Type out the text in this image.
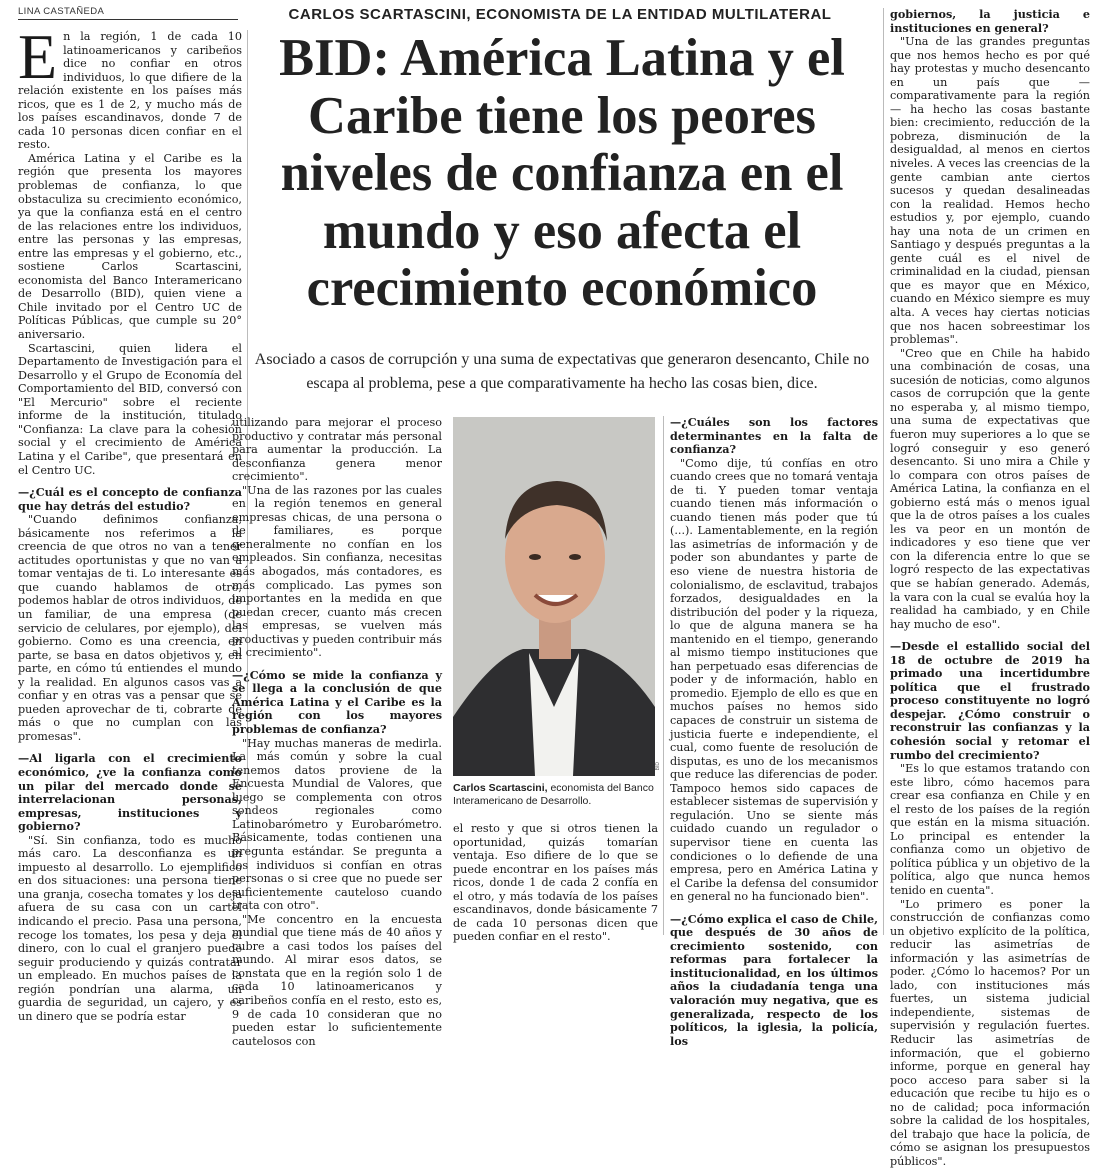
LINA CASTAÑEDA	CARLOS SCARTASCINI, ECONOMISTA DE LA ENTIDAD MULTILATERAL
BID: América Latina y el Caribe tiene los peores niveles de confianza en el mundo y eso afecta el crecimiento económico
Asociado a casos de corrupción y una suma de expectativas que generaron desencanto, Chile no escapa al problema, pese a que comparativamente ha hecho las cosas bien, dice.

En la región, 1 de cada 10 latinoamericanos y caribeños dice no confiar en otros individuos, lo que difiere de la relación existente en los países más ricos, que es 1 de 2, y mucho más de los países escandinavos, donde 7 de cada 10 personas dicen confiar en el resto.

América Latina y el Caribe es la región que presenta los mayores problemas de confianza, lo que obstaculiza su crecimiento económico, ya que la confianza está en el centro de las relaciones entre los individuos, entre las personas y las empresas, entre las empresas y el gobierno, etc., sostiene Carlos Scartascini, economista del Banco Interamericano de Desarrollo (BID), quien viene a Chile invitado por el Centro UC de Políticas Públicas, que cumple su 20° aniversario.

Scartascini, quien lidera el Departamento de Investigación para el Desarrollo y el Grupo de Economía del Comportamiento del BID, conversó con "El Mercurio" sobre el reciente informe de la institución, titulado "Confianza: La clave para la cohesión social y el crecimiento de América Latina y el Caribe", que presentará en el Centro UC.

—¿Cuál es el concepto de confianza que hay detrás del estudio?

"Cuando definimos confianza, básicamente nos referimos a la creencia de que otros no van a tener actitudes oportunistas y que no van a tomar ventajas de ti. Lo interesante es que cuando hablamos de otro, podemos hablar de otros individuos, de un familiar, de una empresa (de servicio de celulares, por ejemplo), del gobierno. Como es una creencia, en parte, se basa en datos objetivos y, en parte, en cómo tú entiendes el mundo y la realidad. En algunos casos vas a confiar y en otras vas a pensar que se pueden aprovechar de ti, cobrarte de más o que no cumplan con las promesas".

—Al ligarla con el crecimiento económico, ¿ve la confianza como un pilar del mercado donde se interrelacionan personas, empresas, instituciones y gobierno?

"Sí. Sin confianza, todo es mucho más caro. La desconfianza es un impuesto al desarrollo. Lo ejemplifico en dos situaciones: una persona tiene una granja, cosecha tomates y los deja afuera de su casa con un cartel indicando el precio. Pasa una persona, recoge los tomates, los pesa y deja el dinero, con lo cual el granjero puede seguir produciendo y quizás contratar un empleado. En muchos países de la región pondrían una alarma, un guardia de seguridad, un cajero, y es un dinero que se podría estar

utilizando para mejorar el proceso productivo y contratar más personal para aumentar la producción. La desconfianza genera menor crecimiento".

"Una de las razones por las cuales en la región tenemos en general empresas chicas, de una persona o de familiares, es porque generalmente no confían en los empleados. Sin confianza, necesitas más abogados, más contadores, es más complicado. Las pymes son importantes en la medida en que puedan crecer, cuanto más crecen las empresas, se vuelven más productivas y pueden contribuir más al crecimiento".

—¿Cómo se mide la confianza y se llega a la conclusión de que América Latina y el Caribe es la región con los mayores problemas de confianza?

"Hay muchas maneras de medirla. La más común y sobre la cual tenemos datos proviene de la Encuesta Mundial de Valores, que luego se complementa con otros sondeos regionales como Latinobarómetro y Eurobarómetro. Básicamente, todas contienen una pregunta estándar. Se pregunta a los individuos si confían en otras personas o si cree que no puede ser suficientemente cauteloso cuando trata con otro".

"Me concentro en la encuesta mundial que tiene más de 40 años y cubre a casi todos los países del mundo. Al mirar esos datos, se constata que en la región solo 1 de cada 10 latinoamericanos y caribeños confía en el resto, esto es, 9 de cada 10 consideran que no pueden estar lo suficientemente cautelosos con

BID
Carlos Scartascini, economista del Banco Interamericano de Desarrollo.

el resto y que si otros tienen la oportunidad, quizás tomarían ventaja. Eso difiere de lo que se puede encontrar en los países más ricos, donde 1 de cada 2 confía en el otro, y más todavía de los países escandinavos, donde básicamente 7 de cada 10 personas dicen que pueden confiar en el resto".

—¿Cuáles son los factores determinantes en la falta de confianza?

"Como dije, tú confías en otro cuando crees que no tomará ventaja de ti. Y pueden tomar ventaja cuando tienen más información o cuando tienen más poder que tú (...). Lamentablemente, en la región las asimetrías de información y de poder son abundantes y parte de eso viene de nuestra historia de colonialismo, de esclavitud, trabajos forzados, desigualdades en la distribución del poder y la riqueza, lo que de alguna manera se ha mantenido en el tiempo, generando al mismo tiempo instituciones que han perpetuado esas diferencias de poder y de información, hablo en promedio. Ejemplo de ello es que en muchos países no hemos sido capaces de construir un sistema de justicia fuerte e independiente, el cual, como fuente de resolución de disputas, es uno de los mecanismos que reduce las diferencias de poder. Tampoco hemos sido capaces de establecer sistemas de supervisión y regulación. Uno se siente más cuidado cuando un regulador o supervisor tiene en cuenta las condiciones o lo defiende de una empresa, pero en América Latina y el Caribe la defensa del consumidor en general no ha funcionado bien".

—¿Cómo explica el caso de Chile, que después de 30 años de crecimiento sostenido, con reformas para fortalecer la institucionalidad, en los últimos años la ciudadanía tenga una valoración muy negativa, que es generalizada, respecto de los políticos, la iglesia, la policía, los

gobiernos, la justicia e instituciones en general?

"Una de las grandes preguntas que nos hemos hecho es por qué hay protestas y mucho desencanto en un país que —comparativamente para la región— ha hecho las cosas bastante bien: crecimiento, reducción de la pobreza, disminución de la desigualdad, al menos en ciertos niveles. A veces las creencias de la gente cambian ante ciertos sucesos y quedan desalineadas con la realidad. Hemos hecho estudios y, por ejemplo, cuando hay una nota de un crimen en Santiago y después preguntas a la gente cuál es el nivel de criminalidad en la ciudad, piensan que es mayor que en México, cuando en México siempre es muy alta. A veces hay ciertas noticias que nos hacen sobreestimar los problemas".

"Creo que en Chile ha habido una combinación de cosas, una sucesión de noticias, como algunos casos de corrupción que la gente no esperaba y, al mismo tiempo, una suma de expectativas que fueron muy superiores a lo que se logró conseguir y eso generó desencanto. Si uno mira a Chile y lo compara con otros países de América Latina, la confianza en el gobierno está más o menos igual que la de otros países a los cuales les va peor en un montón de indicadores y eso tiene que ver con la diferencia entre lo que se logró respecto de las expectativas que se habían generado. Además, la vara con la cual se evalúa hoy la realidad ha cambiado, y en Chile hay mucho de eso".

—Desde el estallido social del 18 de octubre de 2019 ha primado una incertidumbre política que el frustrado proceso constituyente no logró despejar. ¿Cómo construir o reconstruir las confianzas y la cohesión social y retomar el rumbo del crecimiento?

"Es lo que estamos tratando con este libro, cómo hacemos para crear esa confianza en Chile y en el resto de los países de la región que están en la misma situación. Lo principal es entender la confianza como un objetivo de política pública y un objetivo de la política, algo que nunca hemos tenido en cuenta".

"Lo primero es poner la construcción de confianzas como un objetivo explícito de la política, reducir las asimetrías de información y las asimetrías de poder. ¿Cómo lo hacemos? Por un lado, con instituciones más fuertes, un sistema judicial independiente, sistemas de supervisión y regulación fuertes. Reducir las asimetrías de información, que el gobierno informe, porque en general hay poco acceso para saber si la educación que recibe tu hijo es o no de calidad; poca información sobre la calidad de los hospitales, del trabajo que hace la policía, de cómo se asignan los presupuestos públicos".
